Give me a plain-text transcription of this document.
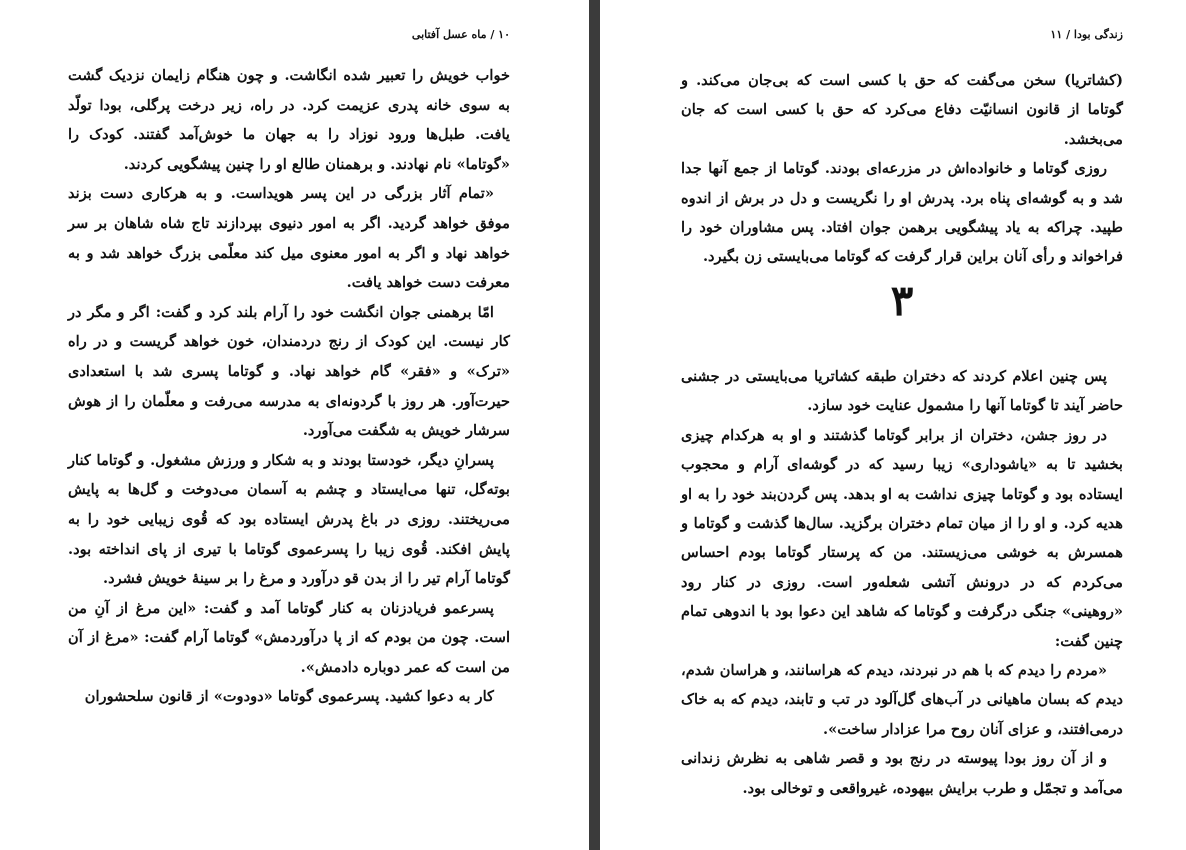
۱۰ / ماه عسل آفتابی

خواب خویش را تعبیر شده انگاشت. و چون هنگام زایمان نزدیک گشت به سوی خانه پدری عزیمت کرد. در راه، زیر درخت پرگلی، بودا تولّد یافت. طبل‌ها ورود نوزاد را به جهان ما خوش‌آمد گفتند. کودک را «گوتاما» نام نهادند. و برهمنان طالع او را چنین پیشگویی کردند.

«تمام آثار بزرگی در این پسر هویداست. و به هرکاری دست بزند موفق خواهد گردید. اگر به امور دنیوی بپردازند تاج شاه شاهان بر سر خواهد نهاد و اگر به امور معنوی میل کند معلّمی بزرگ خواهد شد و به معرفت دست خواهد یافت.

امّا برهمنی جوان انگشت خود را آرام بلند کرد و گفت: اگر و مگر در کار نیست. این کودک از رنج دردمندان، خون خواهد گریست و در راه «ترک» و «فقر» گام خواهد نهاد. و گوتاما پسری شد با استعدادی حیرت‌آور. هر روز با گردونه‌ای به مدرسه می‌رفت و معلّمان را از هوش سرشار خویش به شگفت می‌آورد.

پسرانِ دیگر، خودستا بودند و به شکار و ورزش مشغول. و گوتاما کنار بوته‌گل، تنها می‌ایستاد و چشم به آسمان می‌دوخت و گل‌ها به پایش می‌ریختند. روزی در باغ پدرش ایستاده بود که قُوی زیبایی خود را به پایش افکند. قُوی زیبا را پسرعموی گوتاما با تیری از پای انداخته بود. گوتاما آرام تیر را از بدن قو درآورد و مرغ را بر سینهٔ خویش فشرد.

پسرعمو فریادزنان به کنار گوتاما آمد و گفت: «این مرغ از آنِ من است. چون من بودم که از پا درآوردمش» گوتاما آرام گفت: «مرغ از آن من است که عمر دوباره دادمش».

کار به دعوا کشید. پسرعموی گوتاما «دودوت» از قانون سلحشوران

زندگی بودا / ۱۱

(کشاتریا) سخن می‌گفت که حق با کسی است که بی‌جان می‌کند. و گوتاما از قانون انسانیّت دفاع می‌کرد که حق با کسی است که جان می‌بخشد.

روزی گوتاما و خانواده‌اش در مزرعه‌ای بودند. گوتاما از جمع آنها جدا شد و به گوشه‌ای پناه برد. پدرش او را نگریست و دل در برش از اندوه طپید. چراکه به یاد پیشگویی برهمن جوان افتاد. پس مشاوران خود را فراخواند و رأی آنان براین قرار گرفت که گوتاما می‌بایستی زن بگیرد.

۳

پس چنین اعلام کردند که دختران طبقه کشاتریا می‌بایستی در جشنی حاضر آیند تا گوتاما آنها را مشمول عنایت خود سازد.

در روز جشن، دختران از برابر گوتاما گذشتند و او به هرکدام چیزی بخشید تا به «یاشوداری» زیبا رسید که در گوشه‌ای آرام و محجوب ایستاده بود و گوتاما چیزی نداشت به او بدهد. پس گردن‌بند خود را به او هدیه کرد. و او را از میان تمام دختران برگزید. سال‌ها گذشت و گوتاما و همسرش به خوشی می‌زیستند. من که پرستار گوتاما بودم احساس می‌کردم که در درونش آتشی شعله‌ور است. روزی در کنار رود «روهینی» جنگی درگرفت و گوتاما که شاهد این دعوا بود با اندوهی تمام چنین گفت:

«مردم را دیدم که با هم در نبردند، دیدم که هراسانند، و هراسان شدم، دیدم که بسان ماهیانی در آب‌های گل‌آلود در تب و تابند، دیدم که به خاک درمی‌افتند، و عزای آنان روح مرا عزادار ساخت».

و از آن روز بودا پیوسته در رنج بود و قصر شاهی به نظرش زندانی می‌آمد و تجمّل و طرب برایش بیهوده، غیرواقعی و توخالی بود.
